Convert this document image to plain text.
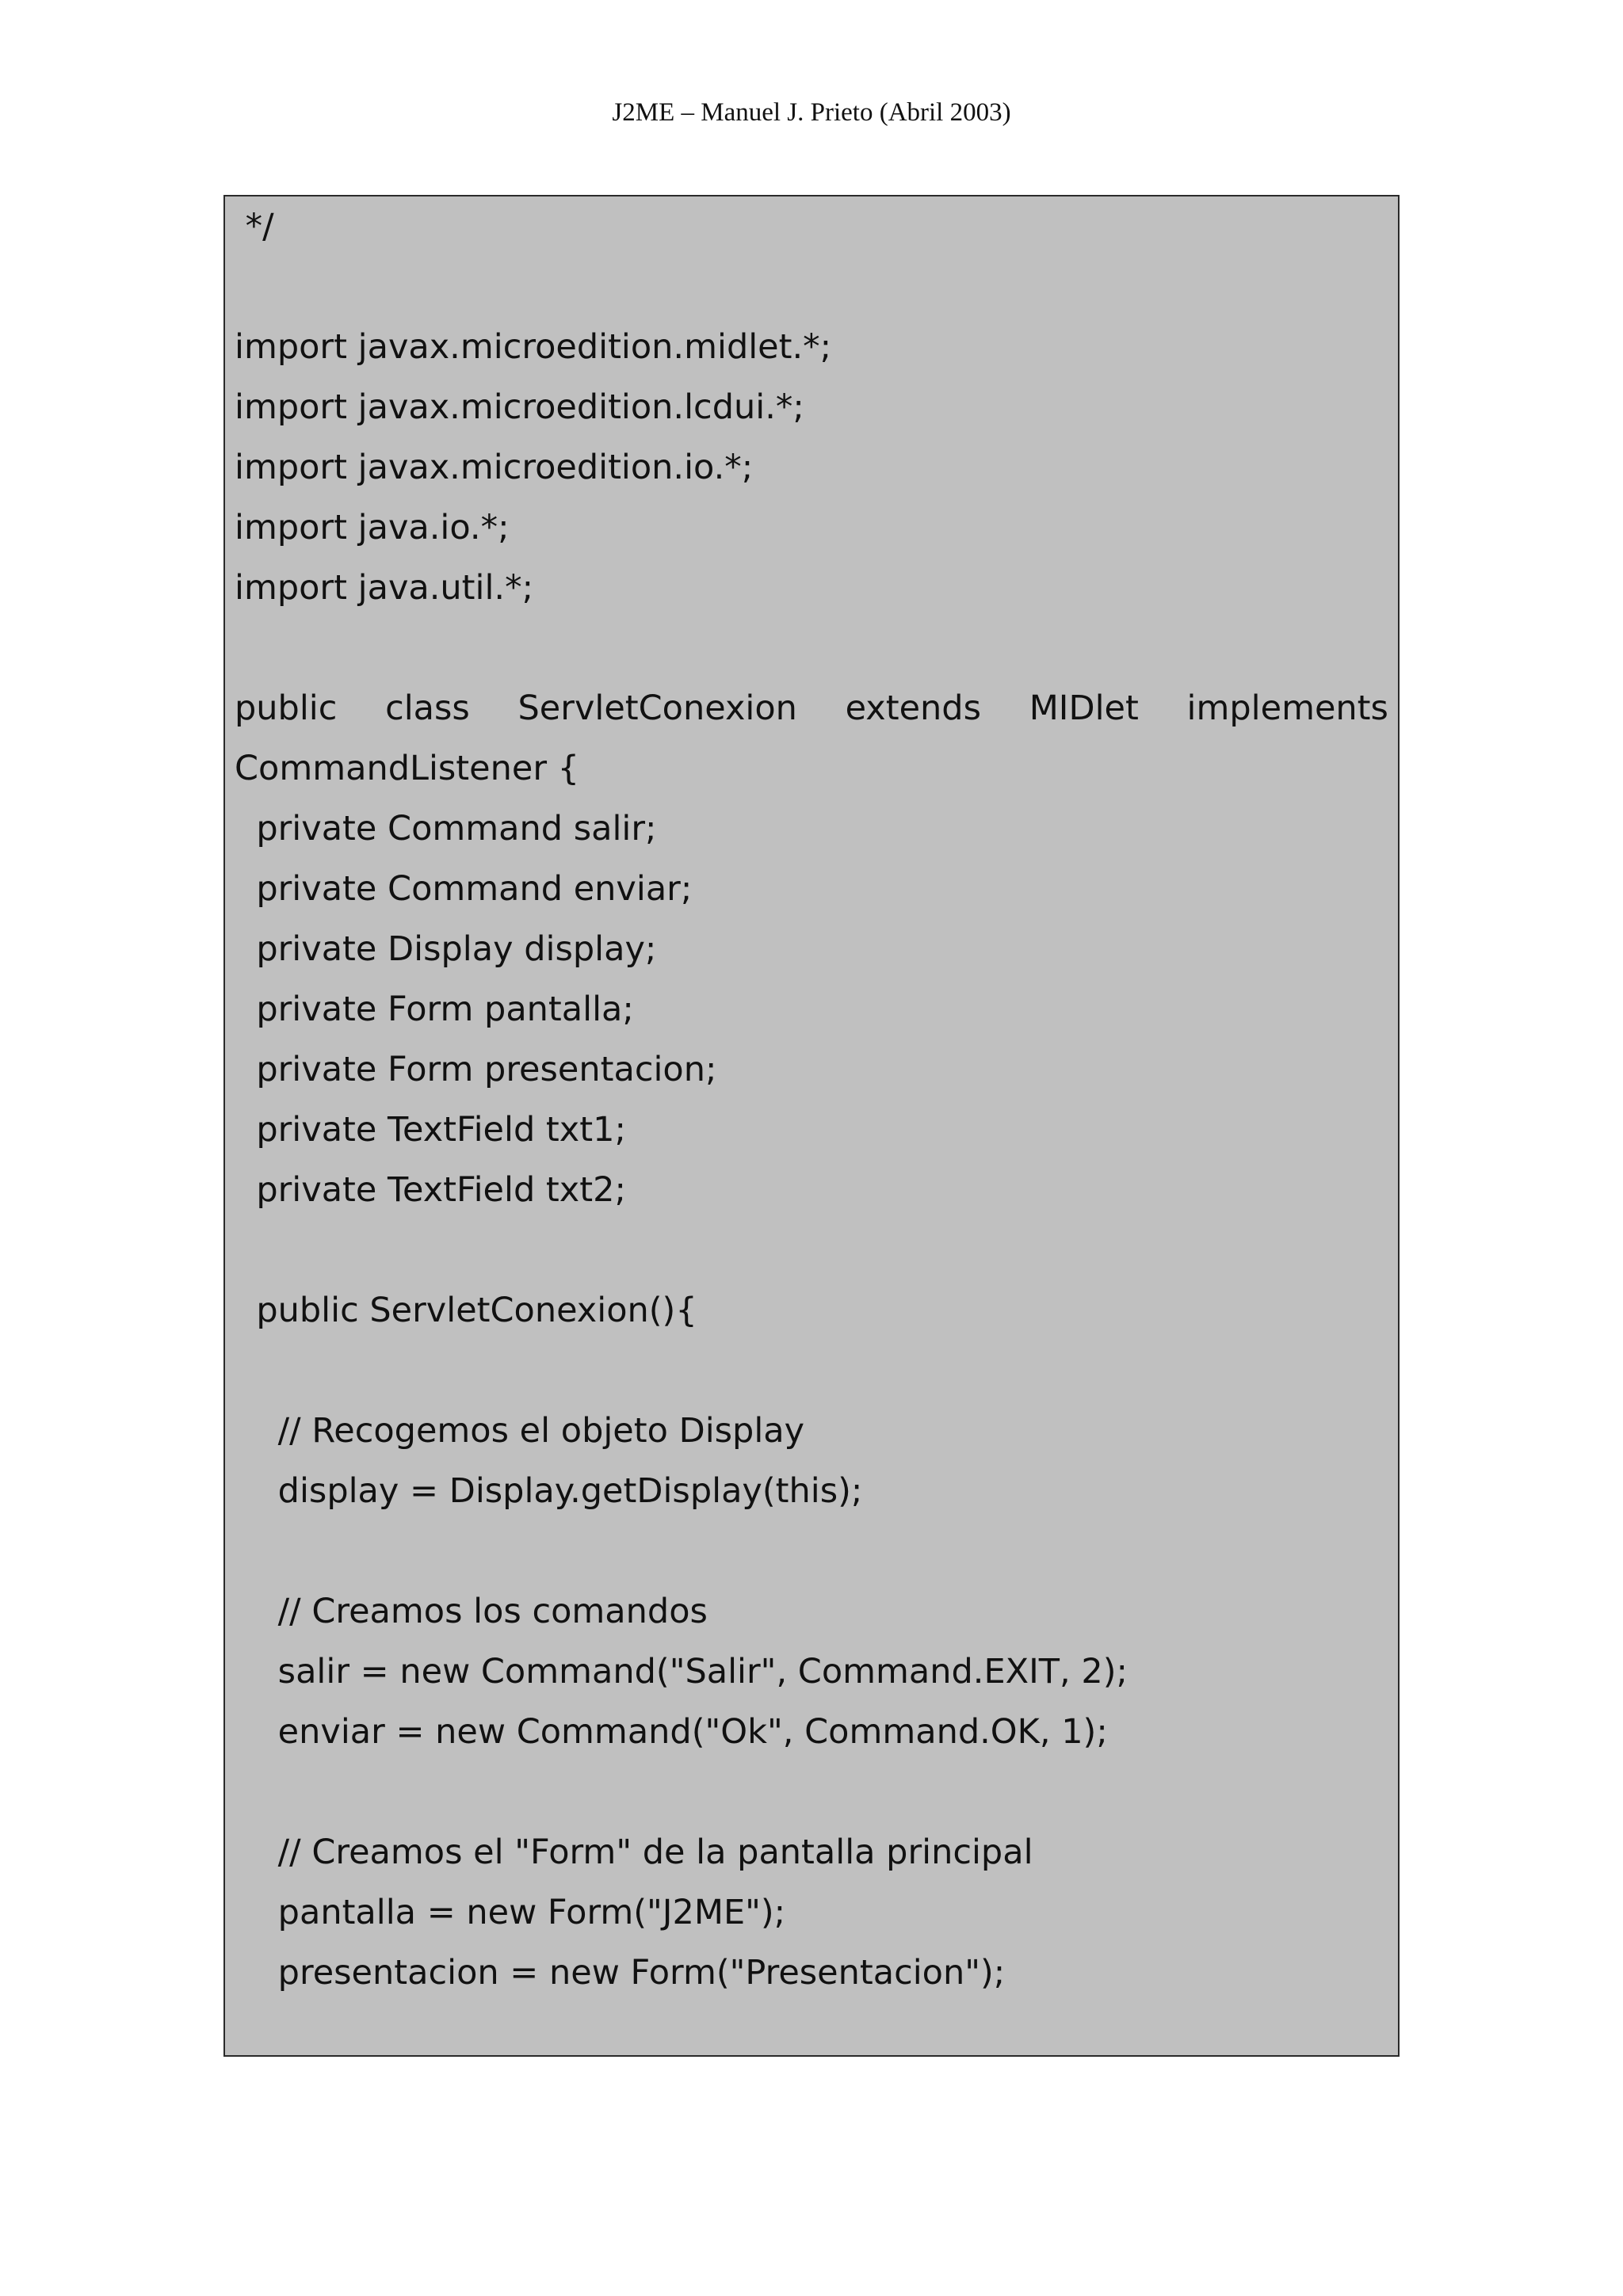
J2ME – Manuel J. Prieto (Abril 2003)
*/
import javax.microedition.midlet.*;
import javax.microedition.lcdui.*;
import javax.microedition.io.*;
import java.io.*;
import java.util.*;
public class ServletConexion extends MIDlet implements
CommandListener {
private Command salir;
private Command enviar;
private Display display;
private Form pantalla;
private Form presentacion;
private TextField txt1;
private TextField txt2;
public ServletConexion(){
// Recogemos el objeto Display
display = Display.getDisplay(this);
// Creamos los comandos
salir = new Command("Salir", Command.EXIT, 2);
enviar = new Command("Ok", Command.OK, 1);
// Creamos el "Form" de la pantalla principal
pantalla = new Form("J2ME");
presentacion = new Form("Presentacion");
